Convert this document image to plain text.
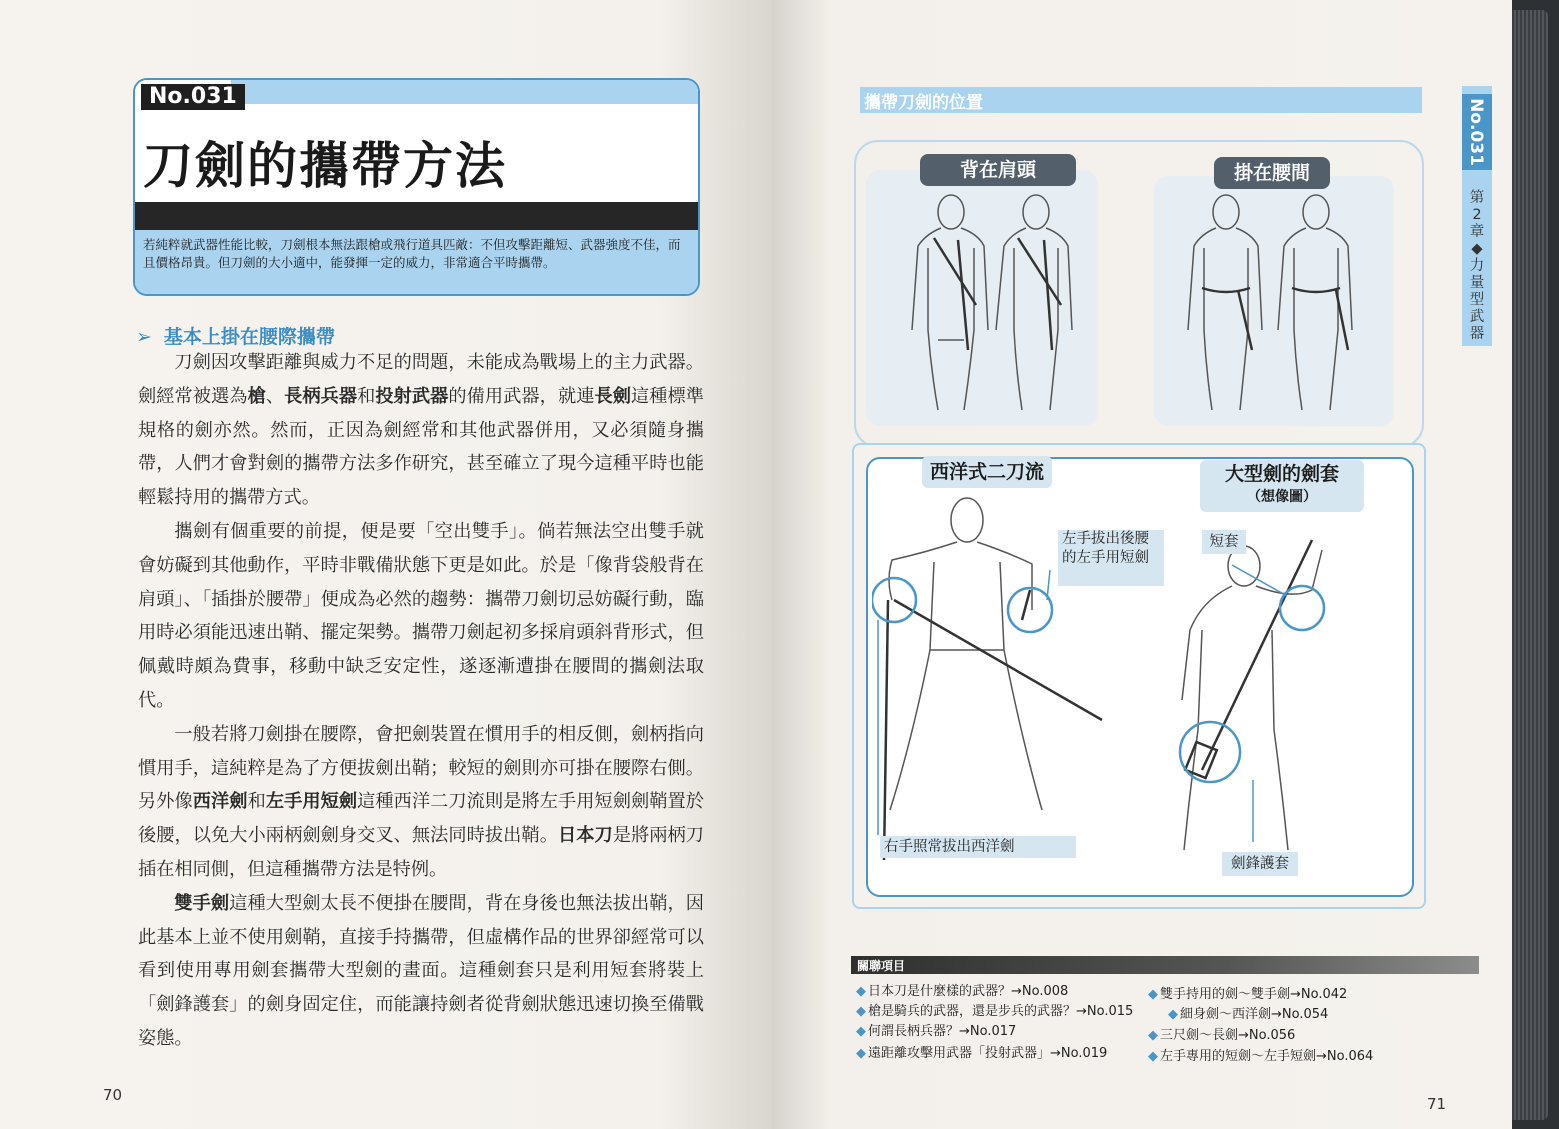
No.031
刀劍的攜帶方法
若純粹就武器性能比較，刀劍根本無法跟槍或飛行道具匹敵：不但攻擊距離短、武器強度不佳，而且價格昂貴。但刀劍的大小適中，能發揮一定的威力，非常適合平時攜帶。
➢ 基本上掛在腰際攜帶

刀劍因攻擊距離與威力不足的問題，未能成為戰場上的主力武器。劍經常被選為槍、長柄兵器和投射武器的備用武器，就連長劍這種標準規格的劍亦然。然而，正因為劍經常和其他武器併用，又必須隨身攜帶，人們才會對劍的攜帶方法多作研究，甚至確立了現今這種平時也能輕鬆持用的攜帶方式。

攜劍有個重要的前提，便是要「空出雙手」。倘若無法空出雙手就會妨礙到其他動作，平時非戰備狀態下更是如此。於是「像背袋般背在肩頭」、「插掛於腰帶」便成為必然的趨勢：攜帶刀劍切忌妨礙行動，臨用時必須能迅速出鞘、擺定架勢。攜帶刀劍起初多採肩頭斜背形式，但佩戴時頗為費事，移動中缺乏安定性，遂逐漸遭掛在腰間的攜劍法取代。

一般若將刀劍掛在腰際，會把劍裝置在慣用手的相反側，劍柄指向慣用手，這純粹是為了方便拔劍出鞘；較短的劍則亦可掛在腰際右側。另外像西洋劍和左手用短劍這種西洋二刀流則是將左手用短劍劍鞘置於後腰，以免大小兩柄劍劍身交叉、無法同時拔出鞘。日本刀是將兩柄刀插在相同側，但這種攜帶方法是特例。

雙手劍這種大型劍太長不便掛在腰間，背在身後也無法拔出鞘，因此基本上並不使用劍鞘，直接手持攜帶，但虛構作品的世界卻經常可以看到使用專用劍套攜帶大型劍的畫面。這種劍套只是利用短套將裝上「劍鋒護套」的劍身固定住，而能讓持劍者從背劍狀態迅速切換至備戰姿態。

70
攜帶刀劍的位置
背在肩頭	掛在腰間
西洋式二刀流	大型劍的劍套
（想像圖）
左手拔出後腰的左手用短劍
右手照常拔出西洋劍
短套
劍鋒護套
關聯項目
◆ 日本刀是什麼樣的武器？→No.008
◆ 槍是騎兵的武器，還是步兵的武器？→No.015
◆ 何謂長柄兵器？→No.017
◆ 遠距離攻擊用武器「投射武器」→No.019
◆ 雙手持用的劍～雙手劍→No.042
◆ 細身劍～西洋劍→No.054
◆ 三尺劍～長劍→No.056
◆ 左手專用的短劍～左手短劍→No.064
71
No.031
第2章◆力量型武器
